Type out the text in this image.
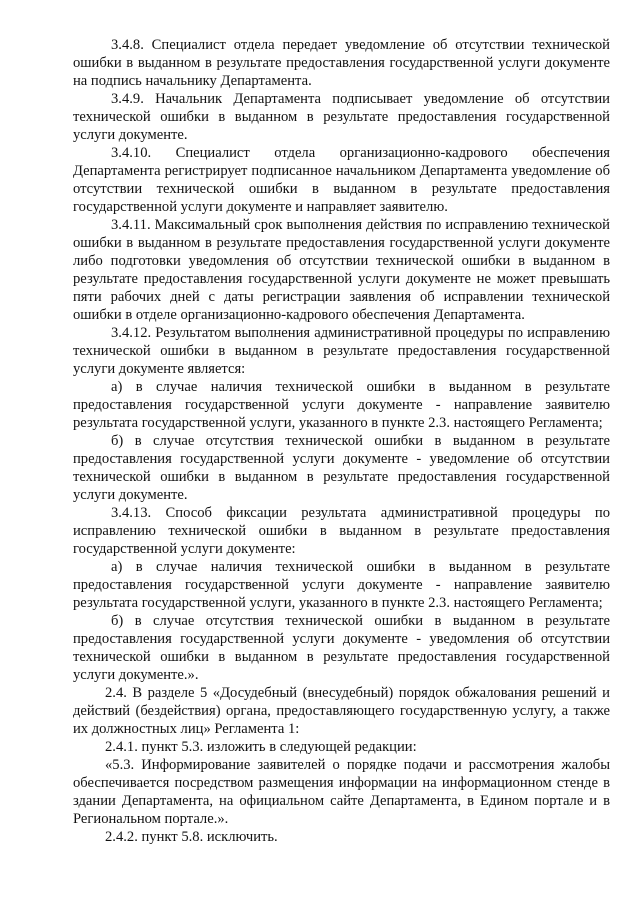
3.4.8. Специалист отдела передает уведомление об отсутствии технической ошибки в выданном в результате предоставления государственной услуги документе на подпись начальнику Департамента.

3.4.9. Начальник Департамента подписывает уведомление об отсутствии технической ошибки в выданном в результате предоставления государственной услуги документе.

3.4.10. Специалист отдела организационно-кадрового обеспечения Департамента регистрирует подписанное начальником Департамента уведомление об отсутствии технической ошибки в выданном в результате предоставления государственной услуги документе и направляет заявителю.

3.4.11. Максимальный срок выполнения действия по исправлению технической ошибки в выданном в результате предоставления государственной услуги документе либо подготовки уведомления об отсутствии технической ошибки в выданном в результате предоставления государственной услуги документе не может превышать пяти рабочих дней с даты регистрации заявления об исправлении технической ошибки в отделе организационно-кадрового обеспечения Департамента.

3.4.12. Результатом выполнения административной процедуры по исправлению технической ошибки в выданном в результате предоставления государственной услуги документе является:

а) в случае наличия технической ошибки в выданном в результате предоставления государственной услуги документе - направление заявителю результата государственной услуги, указанного в пункте 2.3. настоящего Регламента;

б) в случае отсутствия технической ошибки в выданном в результате предоставления государственной услуги документе - уведомление об отсутствии технической ошибки в выданном в результате предоставления государственной услуги документе.

3.4.13. Способ фиксации результата административной процедуры по исправлению технической ошибки в выданном в результате предоставления государственной услуги документе:

а) в случае наличия технической ошибки в выданном в результате предоставления государственной услуги документе - направление заявителю результата государственной услуги, указанного в пункте 2.3. настоящего Регламента;

б) в случае отсутствия технической ошибки в выданном в результате предоставления государственной услуги документе - уведомления об отсутствии технической ошибки в выданном в результате предоставления государственной услуги документе.».

2.4. В разделе 5 «Досудебный (внесудебный) порядок обжалования решений и действий (бездействия) органа, предоставляющего государственную услугу, а также их должностных лиц» Регламента 1:

2.4.1. пункт 5.3. изложить в следующей редакции:

«5.3. Информирование заявителей о порядке подачи и рассмотрения жалобы обеспечивается посредством размещения информации на информационном стенде в здании Департамента, на официальном сайте Департамента, в Едином портале и в Региональном портале.».

2.4.2. пункт 5.8. исключить.
